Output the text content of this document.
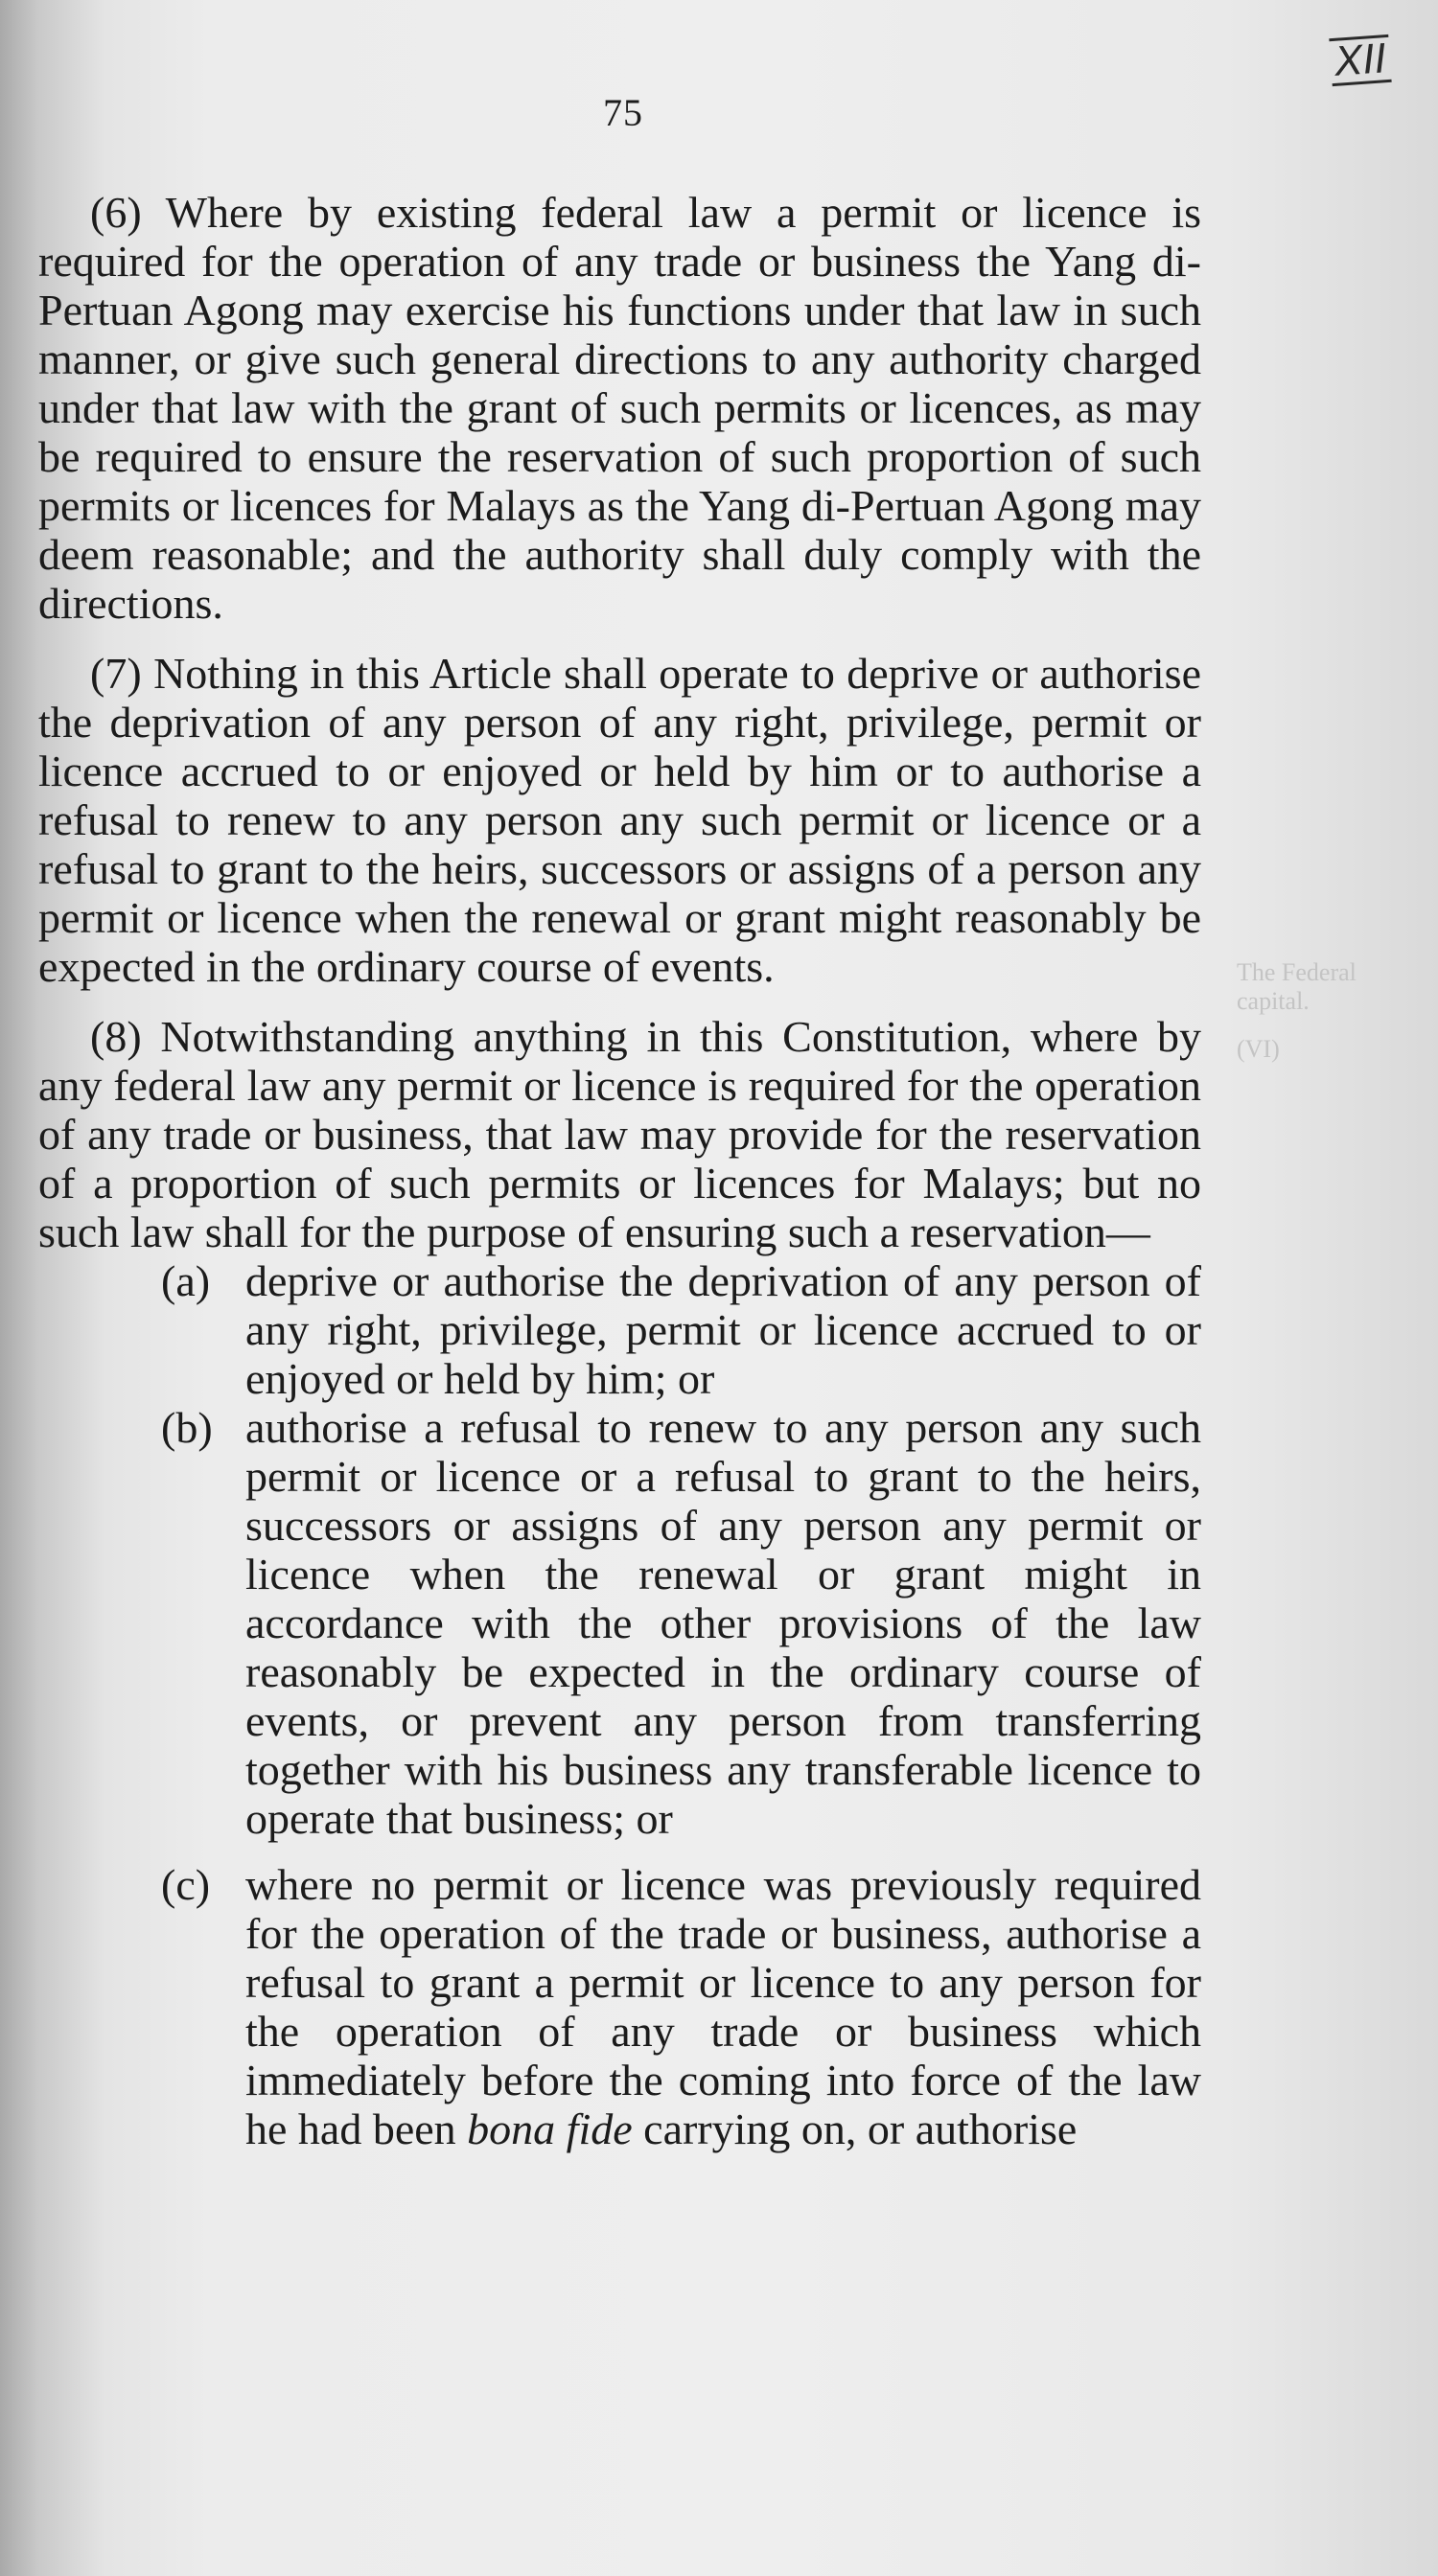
75
XII
The Federal capital.
(VI)

(6) Where by existing federal law a permit or licence is required for the operation of any trade or business the Yang di-Pertuan Agong may exercise his functions under that law in such manner, or give such general directions to any authority charged under that law with the grant of such permits or licences, as may be required to ensure the reservation of such proportion of such permits or licences for Malays as the Yang di-Pertuan Agong may deem reasonable; and the authority shall duly comply with the directions.

(7) Nothing in this Article shall operate to deprive or authorise the deprivation of any person of any right, privilege, permit or licence accrued to or enjoyed or held by him or to authorise a refusal to renew to any person any such permit or licence or a refusal to grant to the heirs, successors or assigns of a person any permit or licence when the renewal or grant might reasonably be expected in the ordinary course of events.

(8) Notwithstanding anything in this Constitution, where by any federal law any permit or licence is required for the operation of any trade or business, that law may provide for the reservation of a proportion of such permits or licences for Malays; but no such law shall for the purpose of ensuring such a reservation—

(a) deprive or authorise the deprivation of any person of any right, privilege, permit or licence accrued to or enjoyed or held by him; or
(b) authorise a refusal to renew to any person any such permit or licence or a refusal to grant to the heirs, successors or assigns of any person any permit or licence when the renewal or grant might in accordance with the other provisions of the law reasonably be expected in the ordinary course of events, or prevent any person from transferring together with his business any transferable licence to operate that business; or
(c) where no permit or licence was previously required for the operation of the trade or business, authorise a refusal to grant a permit or licence to any person for the operation of any trade or business which immediately before the coming into force of the law he had been bona fide carrying on, or authorise
